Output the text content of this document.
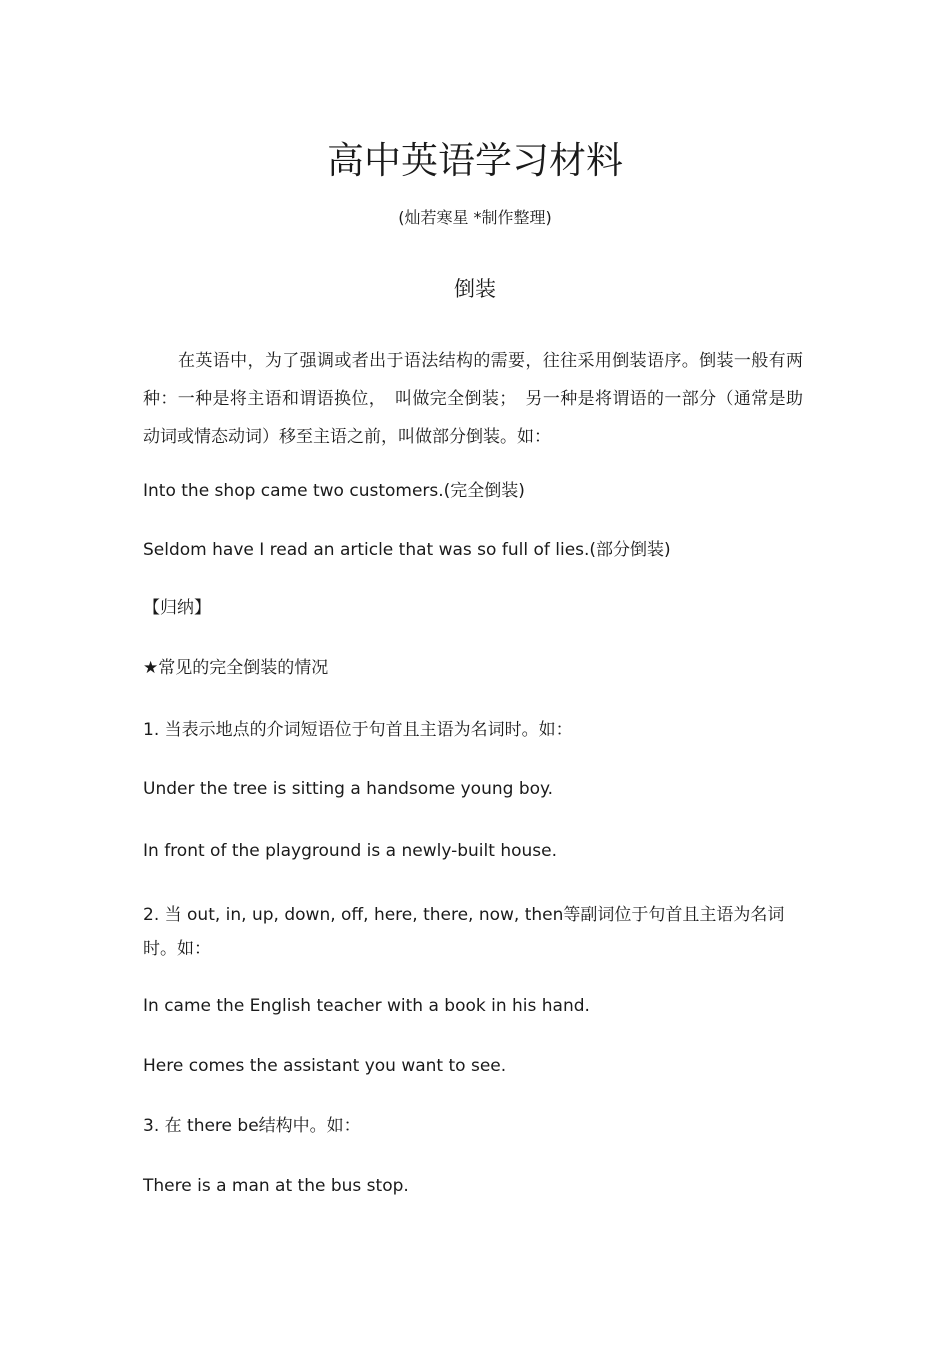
高中英语学习材料
(灿若寒星 *制作整理)
倒装
在英语中，为了强调或者出于语法结构的需要，往往采用倒装语序。倒装一般有两种：一种是将主语和谓语换位，　叫做完全倒装；　另一种是将谓语的一部分（通常是助动词或情态动词）移至主语之前，叫做部分倒装。如：
Into the shop came two customers.(完全倒装)
Seldom have I read an article that was so full of lies.(部分倒装)
【归纳】
★常见的完全倒装的情况
1. 当表示地点的介词短语位于句首且主语为名词时。如：
Under the tree is sitting a handsome young boy.
In front of the playground is a newly-built house.
2. 当 out, in, up, down, off, here, there, now, then等副词位于句首且主语为名词时。如：
In came the English teacher with a book in his hand.
Here comes the assistant you want to see.
3. 在 there be结构中。如：
There is a man at the bus stop.
